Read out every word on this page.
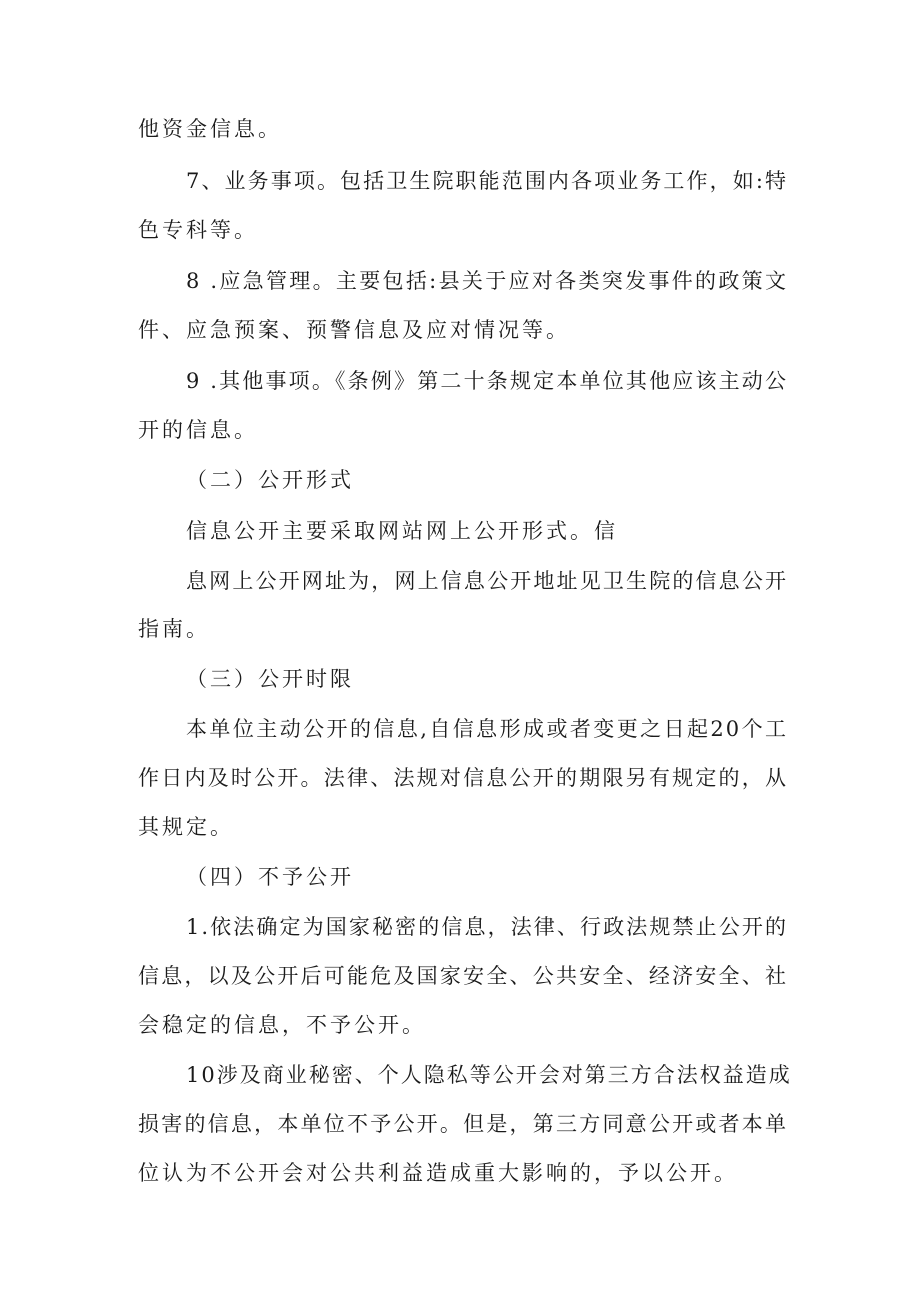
他资金信息。
7、业务事项。包括卫生院职能范围内各项业务工作，如:特
色专科等。
8 .应急管理。主要包括:县关于应对各类突发事件的政策文
件、应急预案、预警信息及应对情况等。
9 .其他事项。《条例》第二十条规定本单位其他应该主动公
开的信息。
（二）公开形式
信息公开主要采取网站网上公开形式。信
息网上公开网址为，网上信息公开地址见卫生院的信息公开
指南。
（三）公开时限
本单位主动公开的信息,自信息形成或者变更之日起20个工
作日内及时公开。法律、法规对信息公开的期限另有规定的，从
其规定。
（四）不予公开
1.依法确定为国家秘密的信息，法律、行政法规禁止公开的
信息，以及公开后可能危及国家安全、公共安全、经济安全、社
会稳定的信息，不予公开。
10涉及商业秘密、个人隐私等公开会对第三方合法权益造成
损害的信息，本单位不予公开。但是，第三方同意公开或者本单
位认为不公开会对公共利益造成重大影响的，予以公开。
